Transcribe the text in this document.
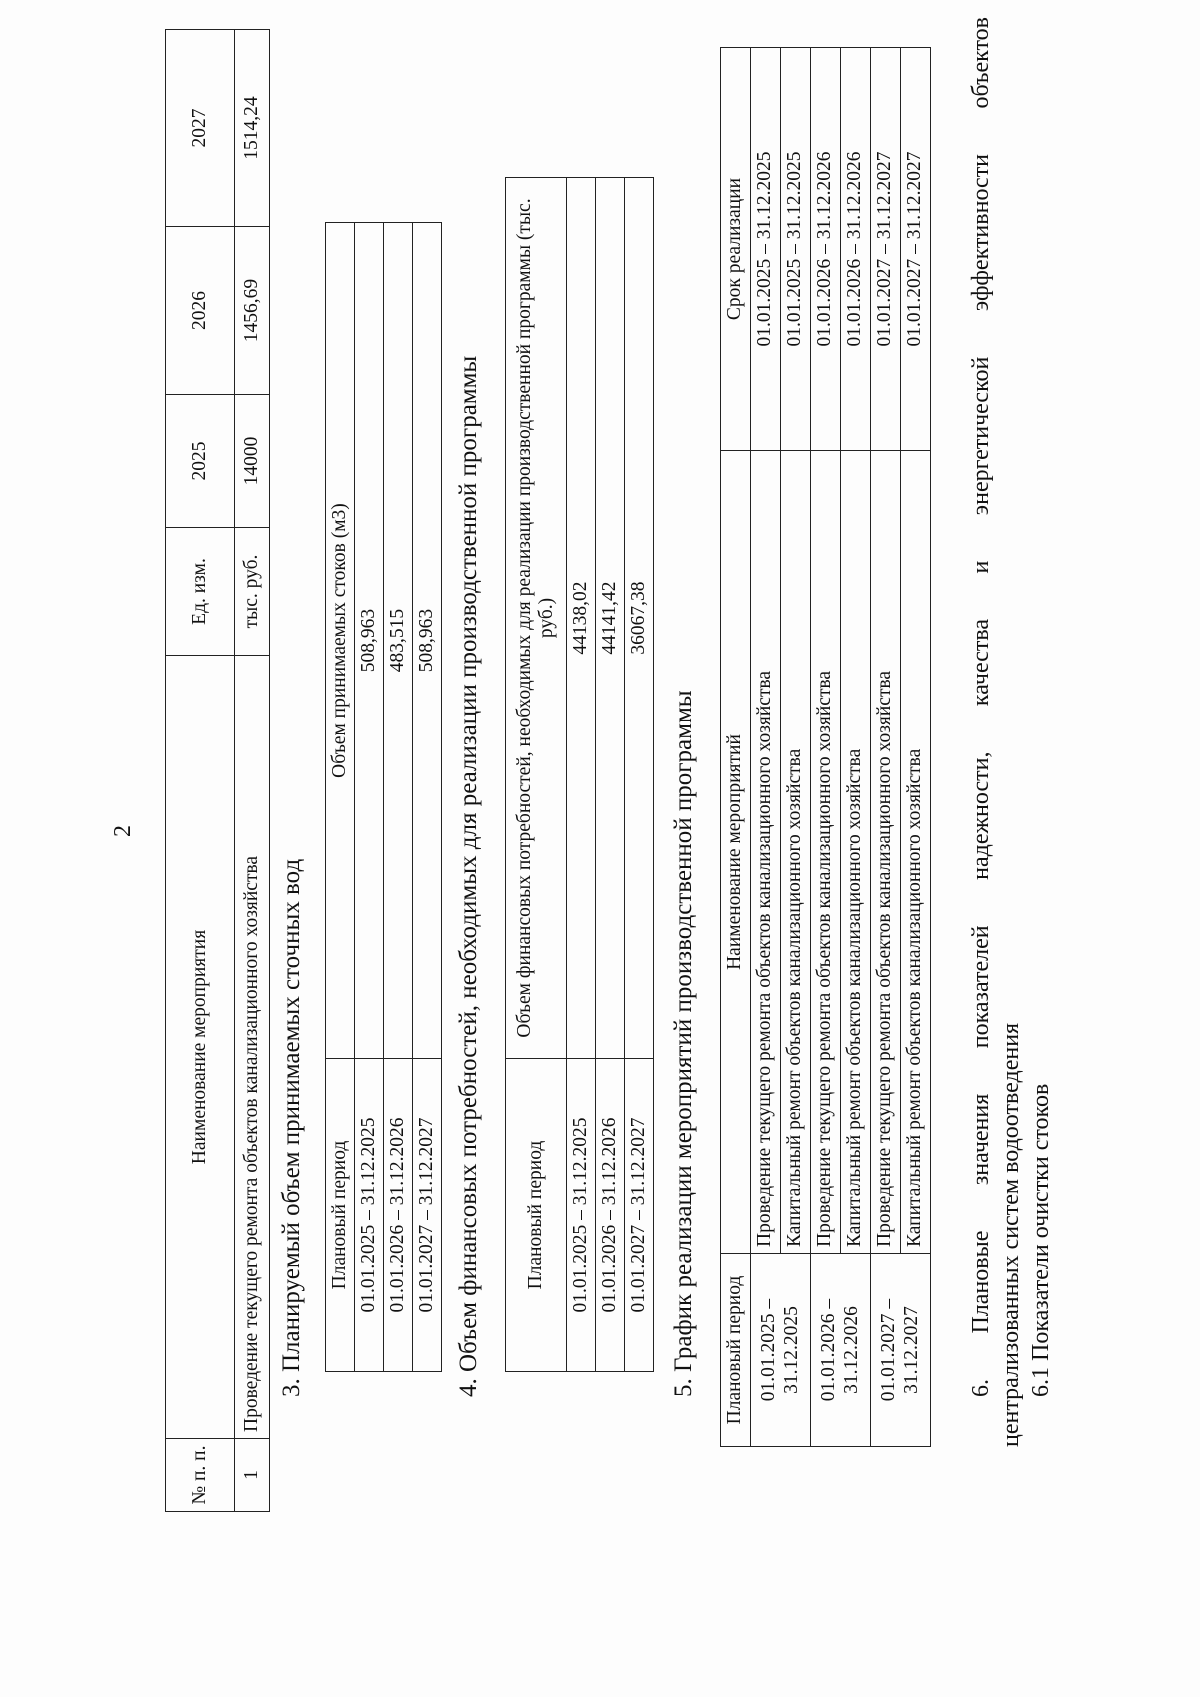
2
№ п. п.	Наименование мероприятия	Ед. изм.	2025	2026	2027
1	Проведение текущего ремонта объектов канализационного хозяйства	тыс. руб.	14000	1456,69	1514,24
3. Планируемый объем принимаемых сточных вод Плановый период	Объем принимаемых стоков (м3)
01.01.2025 – 31.12.2025	508,963
01.01.2026 – 31.12.2026	483,515
01.01.2027 – 31.12.2027	508,963 4. Объем финансовых потребностей, необходимых для реализации производственной программы Плановый период	Объем финансовых потребностей, необходимых для реализации производственной программы (тыс. руб.)
01.01.2025 – 31.12.2025	44138,02
01.01.2026 – 31.12.2026	44141,42
01.01.2027 – 31.12.2027	36067,38
5. График реализации мероприятий производственной программы Плановый период	Наименование мероприятий	Срок реализации
01.01.2025 – 31.12.2025	Проведение текущего ремонта объектов канализационного хозяйства	01.01.2025 – 31.12.2025
	Капитальный ремонт объектов канализационного хозяйства	01.01.2025 – 31.12.2025
01.01.2026 – 31.12.2026	Проведение текущего ремонта объектов канализационного хозяйства	01.01.2026 – 31.12.2026
	Капитальный ремонт объектов канализационного хозяйства	01.01.2026 – 31.12.2026
01.01.2027 – 31.12.2027	Проведение текущего ремонта объектов канализационного хозяйства	01.01.2027 – 31.12.2027
	Капитальный ремонт объектов канализационного хозяйства	01.01.2027 – 31.12.2027 6. Плановые значения показателей надежности, качества и энергетической эффективности объектов централизованных систем водоотведения 6.1 Показатели очистки стоков
